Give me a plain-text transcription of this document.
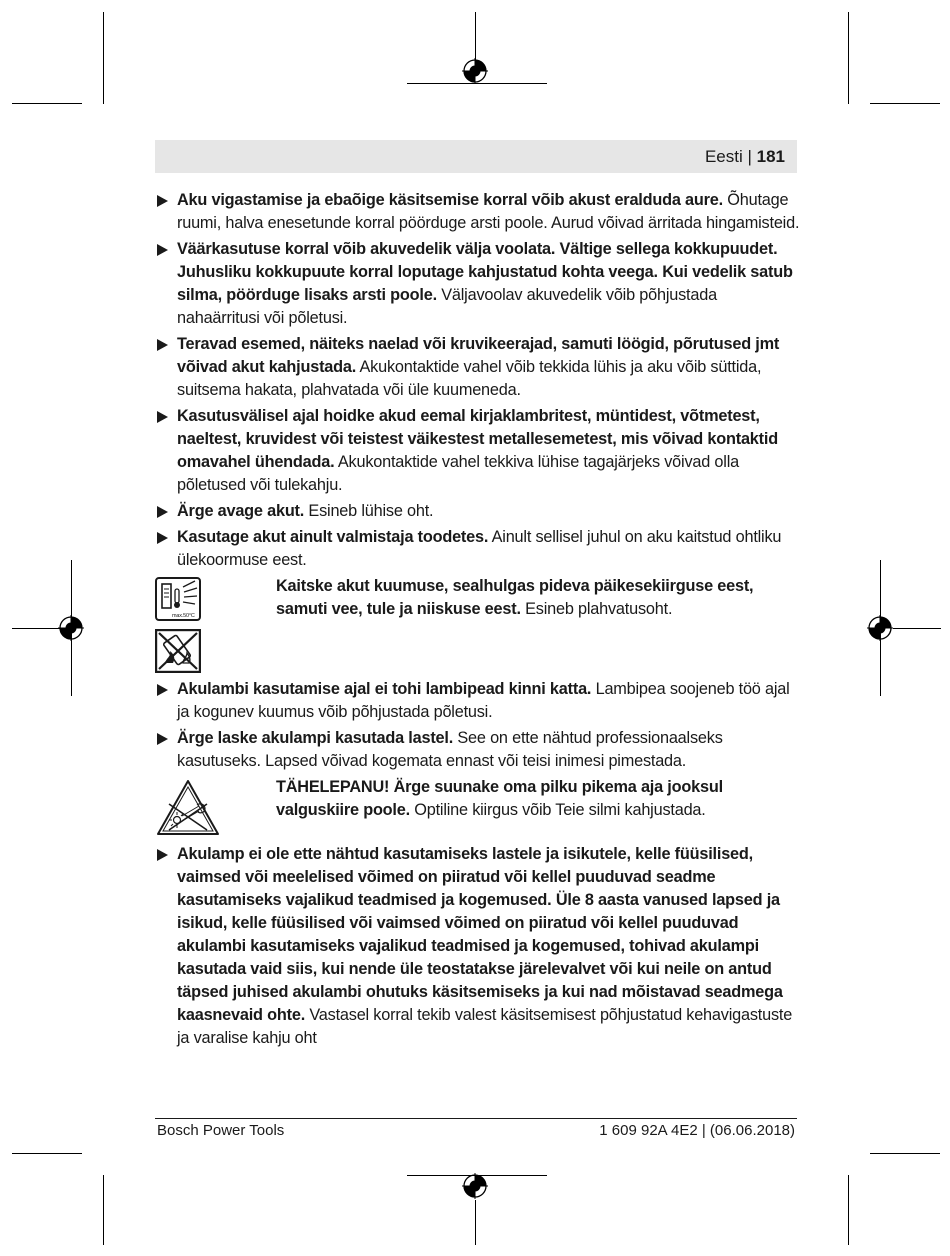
Eesti | 181
Aku vigastamise ja ebaõige käsitsemise korral võib akust eralduda aure. Õhutage ruumi, halva enesetunde korral pöörduge arsti poole. Aurud võivad ärritada hingamisteid.
Väärkasutuse korral võib akuvedelik välja voolata. Vältige sellega kokkupuudet. Juhusliku kokkupuute korral loputage kahjustatud kohta veega. Kui vedelik satub silma, pöörduge lisaks arsti poole. Väljavoolav akuvedelik võib põhjustada nahaärritusi või põletusi.
Teravad esemed, näiteks naelad või kruvikeerajad, samuti löögid, põrutused jmt võivad akut kahjustada. Akukontaktide vahel võib tekkida lühis ja aku võib süttida, suitsema hakata, plahvatada või üle kuumeneda.
Kasutusvälisel ajal hoidke akud eemal kirjaklambritest, müntidest, võtmetest, naeltest, kruvidest või teistest väikestest metallesemetest, mis võivad kontaktid omavahel ühendada. Akukontaktide vahel tekkiva lühise tagajärjeks võivad olla põletused või tulekahju.
Ärge avage akut. Esineb lühise oht.
Kasutage akut ainult valmistaja toodetes. Ainult sellisel juhul on aku kaitstud ohtliku ülekoormuse eest.
max.50°C
Kaitske akut kuumuse, sealhulgas pideva päikesekiirguse eest, samuti vee, tule ja niiskuse eest. Esineb plahvatusoht.
Akulambi kasutamise ajal ei tohi lambipead kinni katta. Lambipea soojeneb töö ajal ja kogunev kuumus võib põhjustada põletusi.
Ärge laske akulampi kasutada lastel. See on ette nähtud professionaalseks kasutuseks. Lapsed võivad kogemata ennast või teisi inimesi pimestada.
TÄHELEPANU! Ärge suunake oma pilku pikema aja jooksul valguskiire poole. Optiline kiirgus võib Teie silmi kahjustada.
Akulamp ei ole ette nähtud kasutamiseks lastele ja isikutele, kelle füüsilised, vaimsed või meelelised võimed on piiratud või kellel puuduvad seadme kasutamiseks vajalikud teadmised ja kogemused. Üle 8 aasta vanused lapsed ja isikud, kelle füüsilised või vaimsed võimed on piiratud või kellel puuduvad akulambi kasutamiseks vajalikud teadmised ja kogemused, tohivad akulampi kasutada vaid siis, kui nende üle teostatakse järelevalvet või kui neile on antud täpsed juhised akulambi ohutuks käsitsemiseks ja kui nad mõistavad seadmega kaasnevaid ohte. Vastasel korral tekib valest käsitsemisest põhjustatud kehavigastuste ja varalise kahju oht
Bosch Power Tools	1 609 92A 4E2 | (06.06.2018)
